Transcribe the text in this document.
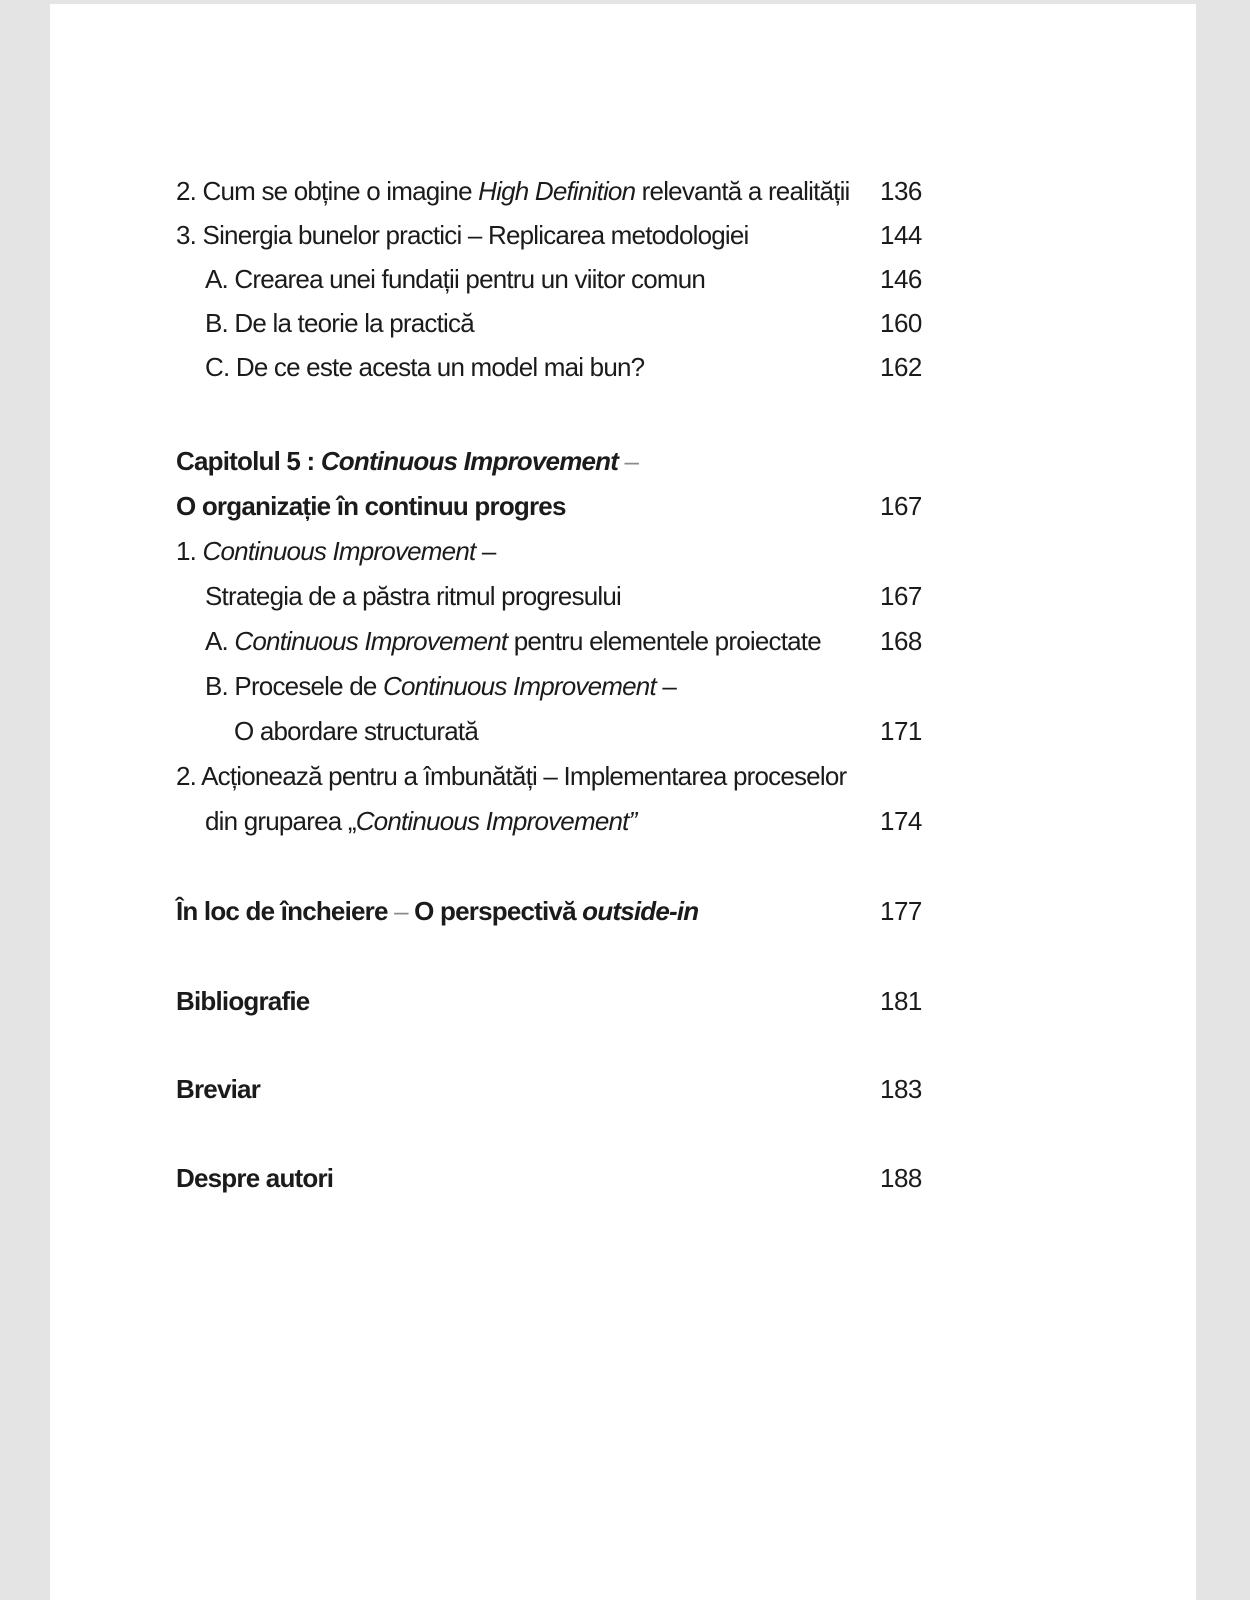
2. Cum se obține o imagine High Definition relevantă a realității 136
3. Sinergia bunelor practici – Replicarea metodologiei	144
A. Crearea unei fundații pentru un viitor comun	146
B. De la teorie la practică	160
C. De ce este acesta un model mai bun?	162
Capitolul 5 : Continuous Improvement –
O organizație în continuu progres	167
1. Continuous Improvement –
Strategia de a păstra ritmul progresului	167
A. Continuous Improvement pentru elementele proiectate 168
B. Procesele de Continuous Improvement –
O abordare structurată	171
2. Acționează pentru a îmbunătăți – Implementarea proceselor
din gruparea „Continuous Improvement”	174
În loc de încheiere – O perspectivă outside-in	177
Bibliografie	181
Breviar	183
Despre autori	188
